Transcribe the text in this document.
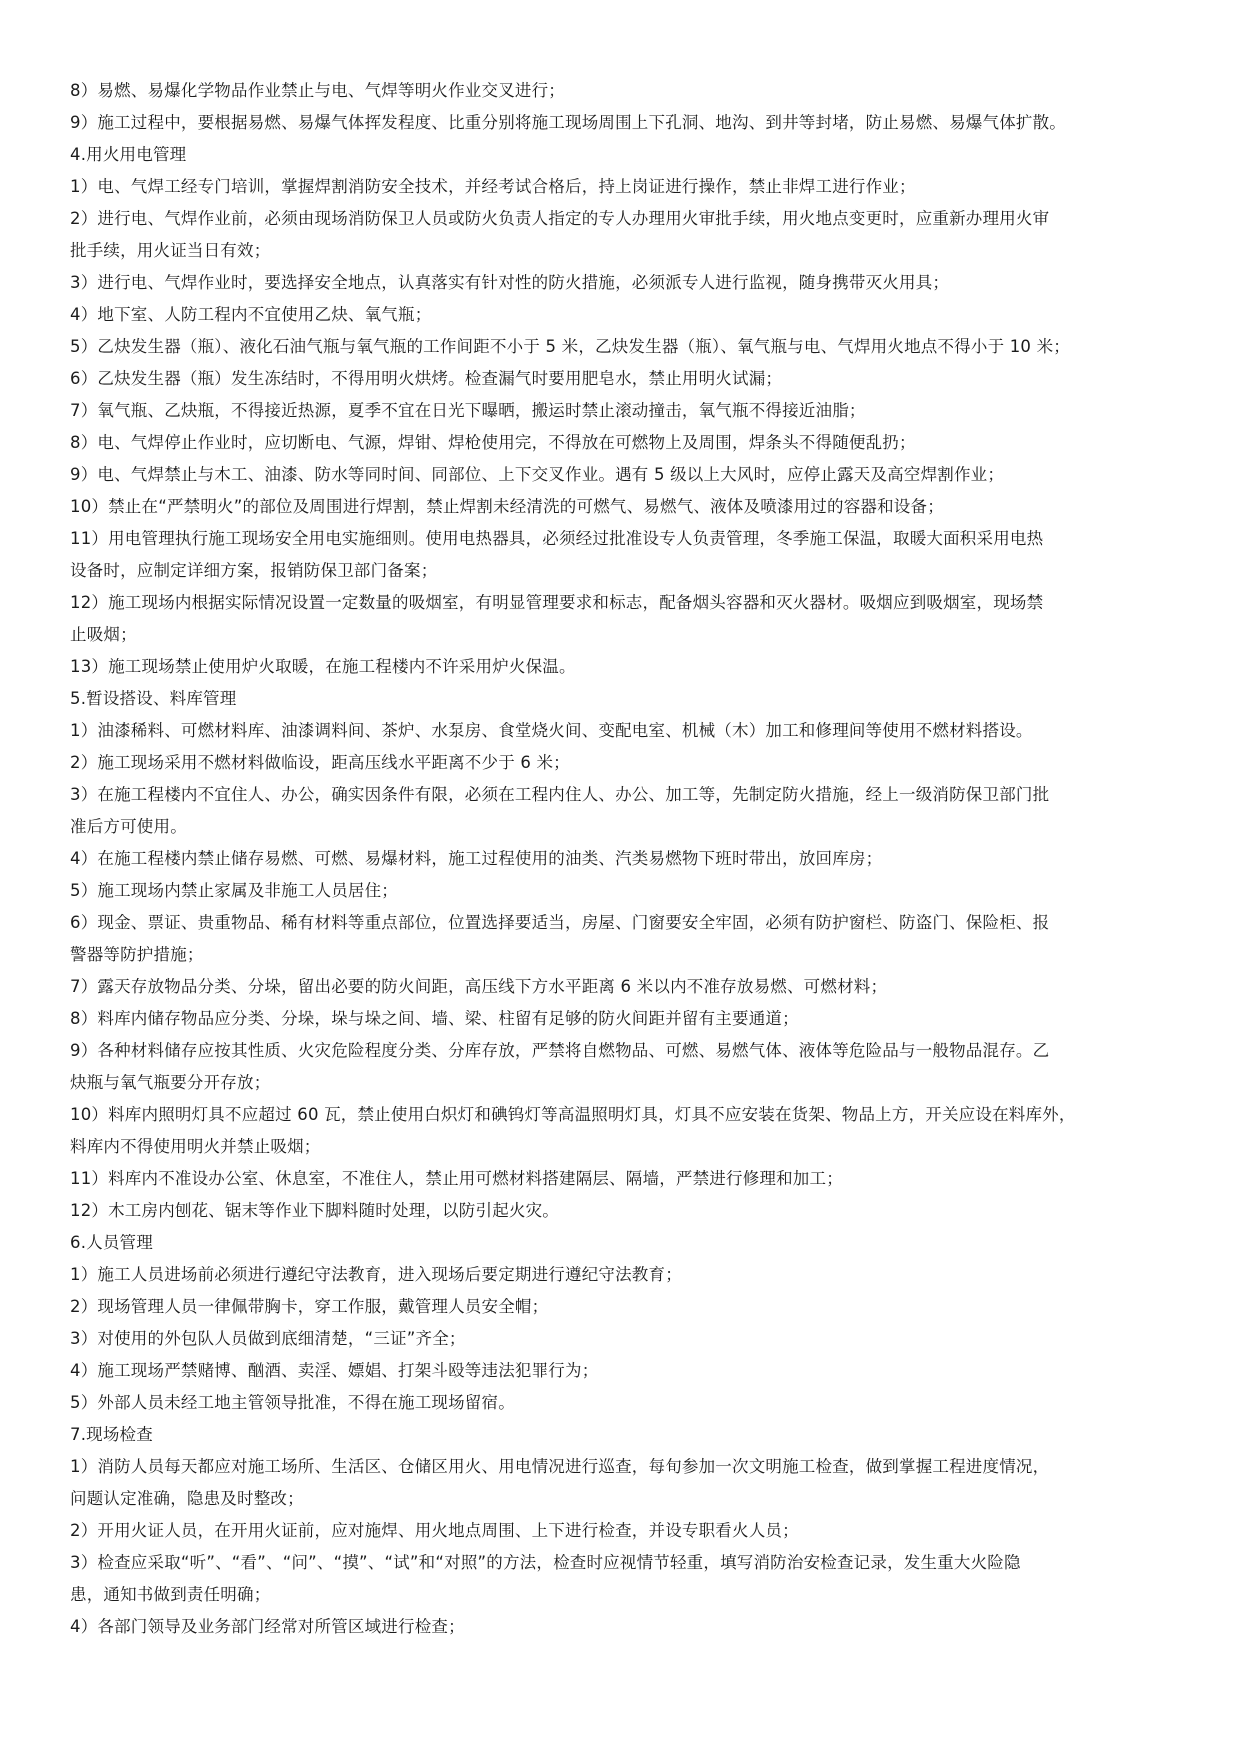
8）易燃、易爆化学物品作业禁止与电、气焊等明火作业交叉进行；
9）施工过程中，要根据易燃、易爆气体挥发程度、比重分别将施工现场周围上下孔洞、地沟、到井等封堵，防止易燃、易爆气体扩散。
4.用火用电管理
1）电、气焊工经专门培训，掌握焊割消防安全技术，并经考试合格后，持上岗证进行操作，禁止非焊工进行作业；
2）进行电、气焊作业前，必须由现场消防保卫人员或防火负责人指定的专人办理用火审批手续，用火地点变更时，应重新办理用火审
批手续，用火证当日有效；
3）进行电、气焊作业时，要选择安全地点，认真落实有针对性的防火措施，必须派专人进行监视，随身携带灭火用具；
4）地下室、人防工程内不宜使用乙炔、氧气瓶；
5）乙炔发生器（瓶）、液化石油气瓶与氧气瓶的工作间距不小于 5 米，乙炔发生器（瓶）、氧气瓶与电、气焊用火地点不得小于 10 米；
6）乙炔发生器（瓶）发生冻结时，不得用明火烘烤。检查漏气时要用肥皂水，禁止用明火试漏；
7）氧气瓶、乙炔瓶，不得接近热源，夏季不宜在日光下曝晒，搬运时禁止滚动撞击，氧气瓶不得接近油脂；
8）电、气焊停止作业时，应切断电、气源，焊钳、焊枪使用完，不得放在可燃物上及周围，焊条头不得随便乱扔；
9）电、气焊禁止与木工、油漆、防水等同时间、同部位、上下交叉作业。遇有 5 级以上大风时，应停止露天及高空焊割作业；
10）禁止在“严禁明火”的部位及周围进行焊割，禁止焊割未经清洗的可燃气、易燃气、液体及喷漆用过的容器和设备；
11）用电管理执行施工现场安全用电实施细则。使用电热器具，必须经过批准设专人负责管理，冬季施工保温，取暖大面积采用电热
设备时，应制定详细方案，报销防保卫部门备案；
12）施工现场内根据实际情况设置一定数量的吸烟室，有明显管理要求和标志，配备烟头容器和灭火器材。吸烟应到吸烟室，现场禁
止吸烟；
13）施工现场禁止使用炉火取暖，在施工程楼内不许采用炉火保温。
5.暂设搭设、料库管理
1）油漆稀料、可燃材料库、油漆调料间、茶炉、水泵房、食堂烧火间、变配电室、机械（木）加工和修理间等使用不燃材料搭设。
2）施工现场采用不燃材料做临设，距高压线水平距离不少于 6 米；
3）在施工程楼内不宜住人、办公，确实因条件有限，必须在工程内住人、办公、加工等，先制定防火措施，经上一级消防保卫部门批
准后方可使用。
4）在施工程楼内禁止储存易燃、可燃、易爆材料，施工过程使用的油类、汽类易燃物下班时带出，放回库房；
5）施工现场内禁止家属及非施工人员居住；
6）现金、票证、贵重物品、稀有材料等重点部位，位置选择要适当，房屋、门窗要安全牢固，必须有防护窗栏、防盗门、保险柜、报
警器等防护措施；
7）露天存放物品分类、分垛，留出必要的防火间距，高压线下方水平距离 6 米以内不准存放易燃、可燃材料；
8）料库内储存物品应分类、分垛，垛与垛之间、墙、梁、柱留有足够的防火间距并留有主要通道；
9）各种材料储存应按其性质、火灾危险程度分类、分库存放，严禁将自燃物品、可燃、易燃气体、液体等危险品与一般物品混存。乙
炔瓶与氧气瓶要分开存放；
10）料库内照明灯具不应超过 60 瓦，禁止使用白炽灯和碘钨灯等高温照明灯具，灯具不应安装在货架、物品上方，开关应设在料库外，
料库内不得使用明火并禁止吸烟；
11）料库内不准设办公室、休息室，不准住人，禁止用可燃材料搭建隔层、隔墙，严禁进行修理和加工；
12）木工房内刨花、锯末等作业下脚料随时处理，以防引起火灾。
6.人员管理
1）施工人员进场前必须进行遵纪守法教育，进入现场后要定期进行遵纪守法教育；
2）现场管理人员一律佩带胸卡，穿工作服，戴管理人员安全帽；
3）对使用的外包队人员做到底细清楚，“三证”齐全；
4）施工现场严禁赌博、酗酒、卖淫、嫖娼、打架斗殴等违法犯罪行为；
5）外部人员未经工地主管领导批准，不得在施工现场留宿。
7.现场检查
1）消防人员每天都应对施工场所、生活区、仓储区用火、用电情况进行巡查，每旬参加一次文明施工检查，做到掌握工程进度情况，
问题认定准确，隐患及时整改；
2）开用火证人员，在开用火证前，应对施焊、用火地点周围、上下进行检查，并设专职看火人员；
3）检查应采取“听”、“看”、“问”、“摸”、“试”和“对照”的方法，检查时应视情节轻重，填写消防治安检查记录，发生重大火险隐
患，通知书做到责任明确；
4）各部门领导及业务部门经常对所管区域进行检查；
